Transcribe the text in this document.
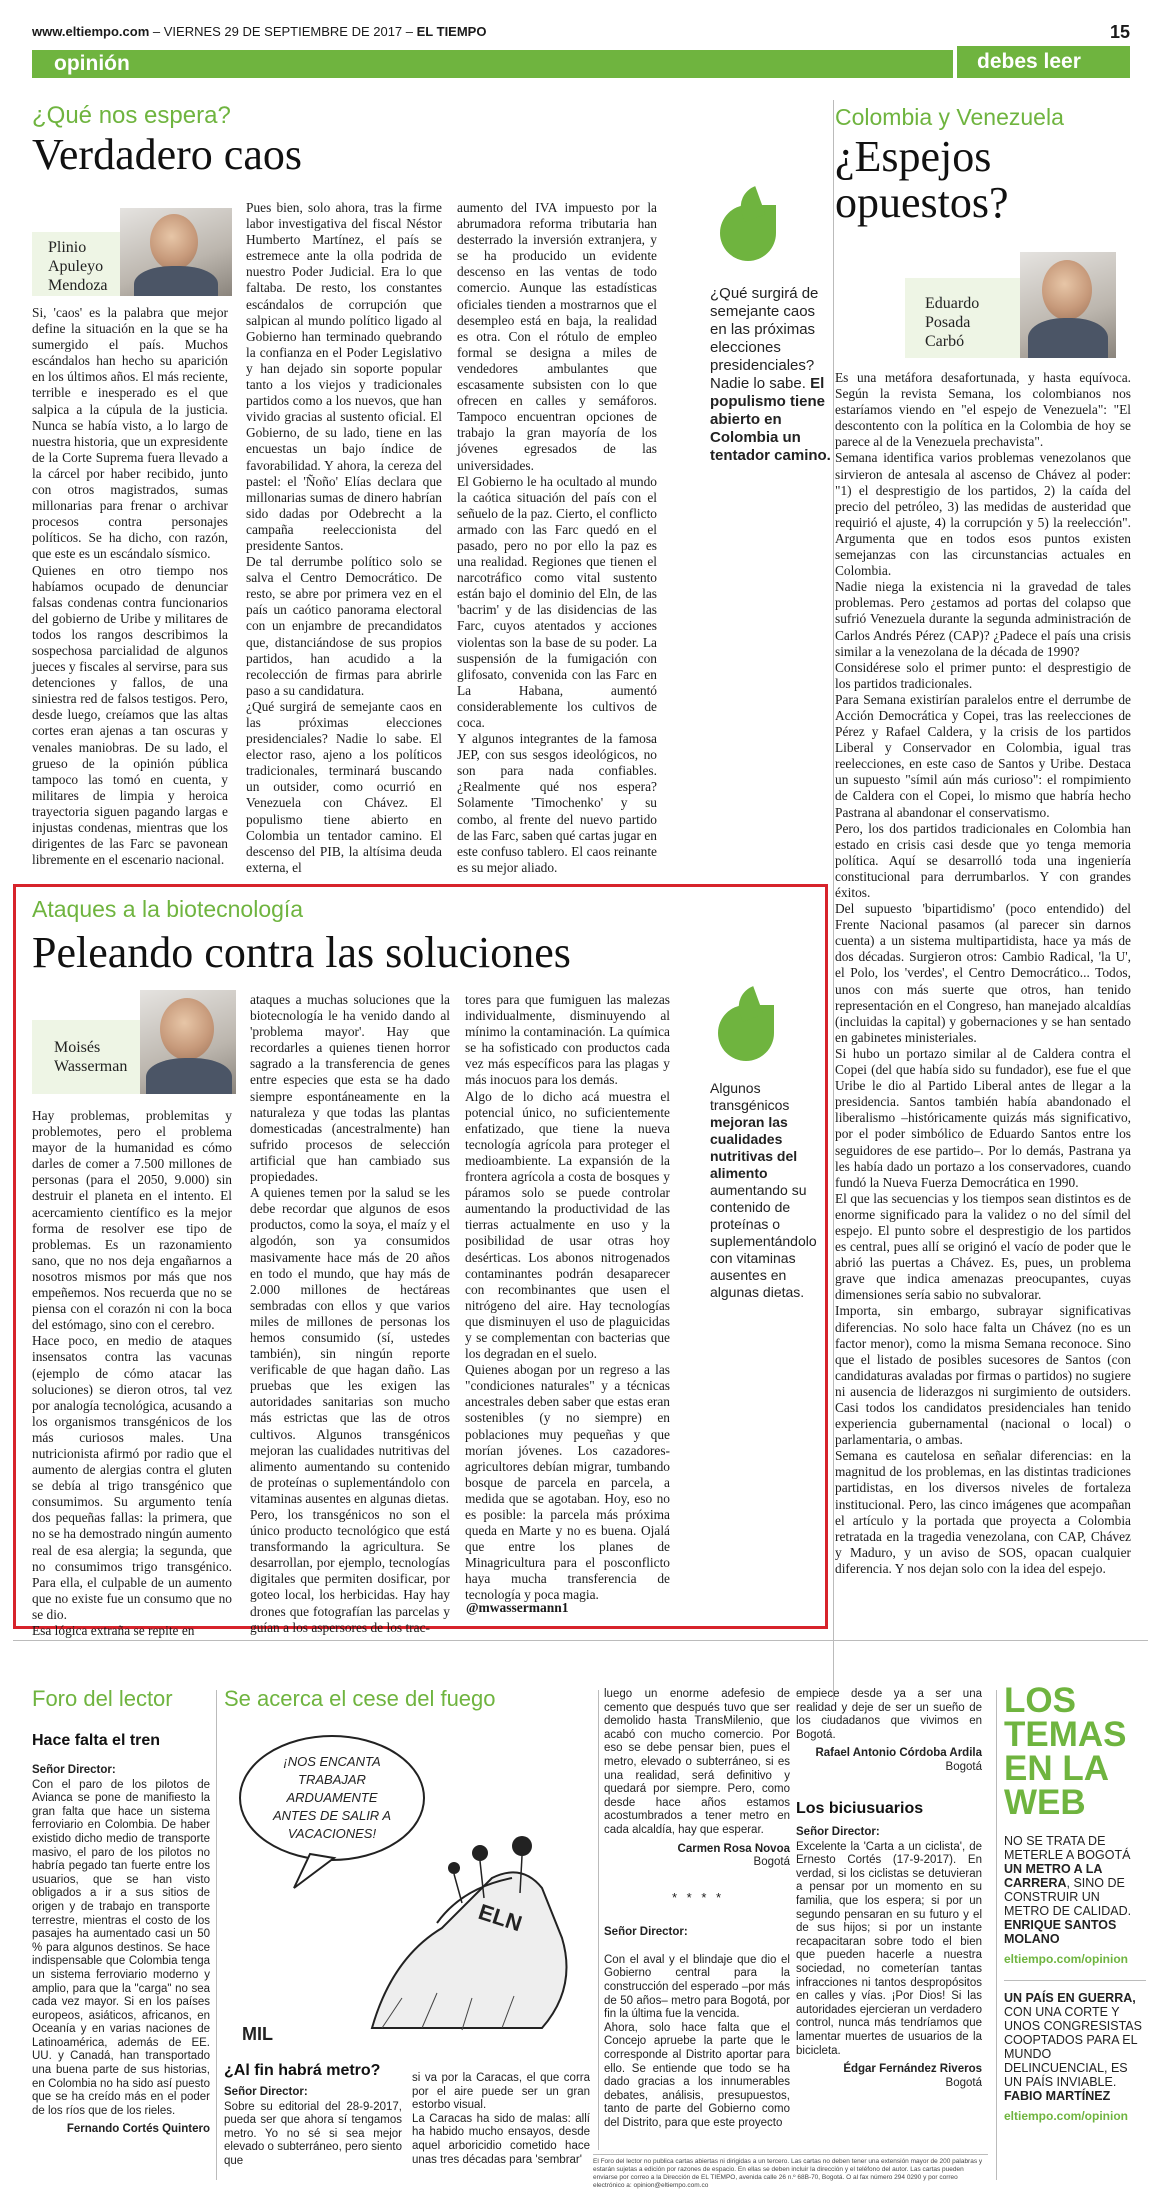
www.eltiempo.com – VIERNES 29 DE SEPTIEMBRE DE 2017 – EL TIEMPO	15
opinión	debes leer
¿Qué nos espera?
Verdadero caos
Plinio
Apuleyo
Mendoza
Si, 'caos' es la palabra que mejor define la situación en la que se ha sumergido el país. Muchos escándalos han hecho su aparición en los últimos años. El más reciente, terrible e inesperado es el que salpica a la cúpula de la justicia. Nunca se había visto, a lo largo de nuestra historia, que un expresidente de la Corte Suprema fuera llevado a la cárcel por haber recibido, junto con otros magistrados, sumas millonarias para frenar o archivar procesos contra personajes políticos. Se ha dicho, con razón, que este es un escándalo sísmico.
Quienes en otro tiempo nos habíamos ocupado de denunciar falsas condenas contra funcionarios del gobierno de Uribe y militares de todos los rangos describimos la sospechosa parcialidad de algunos jueces y fiscales al servirse, para sus detenciones y fallos, de una siniestra red de falsos testigos. Pero, desde luego, creíamos que las altas cortes eran ajenas a tan oscuras y venales maniobras. De su lado, el grueso de la opinión pública tampoco las tomó en cuenta, y militares de limpia y heroica trayectoria siguen pagando largas e injustas condenas, mientras que los dirigentes de las Farc se pavonean libremente en el escenario nacional.
Pues bien, solo ahora, tras la firme labor investigativa del fiscal Néstor Humberto Martínez, el país se estremece ante la olla podrida de nuestro Poder Judicial. Era lo que faltaba. De resto, los constantes escándalos de corrupción que salpican al mundo político ligado al Gobierno han terminado quebrando la confianza en el Poder Legislativo y han dejado sin soporte popular tanto a los viejos y tradicionales partidos como a los nuevos, que han vivido gracias al sustento oficial. El Gobierno, de su lado, tiene en las encuestas un bajo índice de favorabilidad. Y ahora, la cereza del pastel: el 'Ñoño' Elías declara que millonarias sumas de dinero habrían sido dadas por Odebrecht a la campaña reeleccionista del presidente Santos.
De tal derrumbe político solo se salva el Centro Democrático. De resto, se abre por primera vez en el país un caótico panorama electoral con un enjambre de precandidatos que, distanciándose de sus propios partidos, han acudido a la recolección de firmas para abrirle paso a su candidatura.
¿Qué surgirá de semejante caos en las próximas elecciones presidenciales? Nadie lo sabe. El elector raso, ajeno a los políticos tradicionales, terminará buscando un outsider, como ocurrió en Venezuela con Chávez. El populismo tiene abierto en Colombia un tentador camino. El descenso del PIB, la altísima deuda externa, el
aumento del IVA impuesto por la abrumadora reforma tributaria han desterrado la inversión extranjera, y se ha producido un evidente descenso en las ventas de todo comercio. Aunque las estadísticas oficiales tienden a mostrarnos que el desempleo está en baja, la realidad es otra. Con el rótulo de empleo formal se designa a miles de vendedores ambulantes que escasamente subsisten con lo que ofrecen en calles y semáforos. Tampoco encuentran opciones de trabajo la gran mayoría de los jóvenes egresados de las universidades.
El Gobierno le ha ocultado al mundo la caótica situación del país con el señuelo de la paz. Cierto, el conflicto armado con las Farc quedó en el pasado, pero no por ello la paz es una realidad. Regiones que tienen el narcotráfico como vital sustento están bajo el dominio del Eln, de las 'bacrim' y de las disidencias de las Farc, cuyos atentados y acciones violentas son la base de su poder. La suspensión de la fumigación con glifosato, convenida con las Farc en La Habana, aumentó considerablemente los cultivos de coca.
Y algunos integrantes de la famosa JEP, con sus sesgos ideológicos, no son para nada confiables. ¿Realmente qué nos espera? Solamente 'Timochenko' y su combo, al frente del nuevo partido de las Farc, saben qué cartas jugar en este confuso tablero. El caos reinante es su mejor aliado.
¿Qué surgirá de semejante caos en las próximas elecciones presidenciales? Nadie lo sabe. El populismo tiene abierto en Colombia un tentador camino.
Colombia y Venezuela
¿Espejos
opuestos?
Eduardo
Posada
Carbó
Es una metáfora desafortunada, y hasta equívoca. Según la revista Semana, los colombianos nos estaríamos viendo en "el espejo de Venezuela": "El descontento con la política en la Colombia de hoy se parece al de la Venezuela prechavista".
Semana identifica varios problemas venezolanos que sirvieron de antesala al ascenso de Chávez al poder: "1) el desprestigio de los partidos, 2) la caída del precio del petróleo, 3) las medidas de austeridad que requirió el ajuste, 4) la corrupción y 5) la reelección". Argumenta que en todos esos puntos existen semejanzas con las circunstancias actuales en Colombia.
Nadie niega la existencia ni la gravedad de tales problemas. Pero ¿estamos ad portas del colapso que sufrió Venezuela durante la segunda administración de Carlos Andrés Pérez (CAP)? ¿Padece el país una crisis similar a la venezolana de la década de 1990?
Considérese solo el primer punto: el desprestigio de los partidos tradicionales.
Para Semana existirían paralelos entre el derrumbe de Acción Democrática y Copei, tras las reelecciones de Pérez y Rafael Caldera, y la crisis de los partidos Liberal y Conservador en Colombia, igual tras reelecciones, en este caso de Santos y Uribe. Destaca un supuesto "símil aún más curioso": el rompimiento de Caldera con el Copei, lo mismo que habría hecho Pastrana al abandonar el conservatismo.
Pero, los dos partidos tradicionales en Colombia han estado en crisis casi desde que yo tenga memoria política. Aquí se desarrolló toda una ingeniería constitucional para derrumbarlos. Y con grandes éxitos.
Del supuesto 'bipartidismo' (poco entendido) del Frente Nacional pasamos (al parecer sin darnos cuenta) a un sistema multipartidista, hace ya más de dos décadas. Surgieron otros: Cambio Radical, 'la U', el Polo, los 'verdes', el Centro Democrático... Todos, unos con más suerte que otros, han tenido representación en el Congreso, han manejado alcaldías (incluidas la capital) y gobernaciones y se han sentado en gabinetes ministeriales.
Si hubo un portazo similar al de Caldera contra el Copei (del que había sido su fundador), ese fue el que Uribe le dio al Partido Liberal antes de llegar a la presidencia. Santos también había abandonado el liberalismo –históricamente quizás más significativo, por el poder simbólico de Eduardo Santos entre los seguidores de ese partido–. Por lo demás, Pastrana ya les había dado un portazo a los conservadores, cuando fundó la Nueva Fuerza Democrática en 1990.
El que las secuencias y los tiempos sean distintos es de enorme significado para la validez o no del símil del espejo. El punto sobre el desprestigio de los partidos es central, pues allí se originó el vacío de poder que le abrió las puertas a Chávez. Es, pues, un problema grave que indica amenazas preocupantes, cuyas dimensiones sería sabio no subvalorar.
Importa, sin embargo, subrayar significativas diferencias. No solo hace falta un Chávez (no es un factor menor), como la misma Semana reconoce. Sino que el listado de posibles sucesores de Santos (con candidaturas avaladas por firmas o partidos) no sugiere ni ausencia de liderazgos ni surgimiento de outsiders. Casi todos los candidatos presidenciales han tenido experiencia gubernamental (nacional o local) o parlamentaria, o ambas.
Semana es cautelosa en señalar diferencias: en la magnitud de los problemas, en las distintas tradiciones partidistas, en los diversos niveles de fortaleza institucional. Pero, las cinco imágenes que acompañan el artículo y la portada que proyecta a Colombia retratada en la tragedia venezolana, con CAP, Chávez y Maduro, y un aviso de SOS, opacan cualquier diferencia. Y nos dejan solo con la idea del espejo.
Ataques a la biotecnología
Peleando contra las soluciones
Moisés
Wasserman
Hay problemas, problemitas y problemotes, pero el problema mayor de la humanidad es cómo darles de comer a 7.500 millones de personas (para el 2050, 9.000) sin destruir el planeta en el intento. El acercamiento científico es la mejor forma de resolver ese tipo de problemas. Es un razonamiento sano, que no nos deja engañarnos a nosotros mismos por más que nos empeñemos. Nos recuerda que no se piensa con el corazón ni con la boca del estómago, sino con el cerebro.
Hace poco, en medio de ataques insensatos contra las vacunas (ejemplo de cómo atacar las soluciones) se dieron otros, tal vez por analogía tecnológica, acusando a los organismos transgénicos de los más curiosos males. Una nutricionista afirmó por radio que el aumento de alergias contra el gluten se debía al trigo transgénico que consumimos. Su argumento tenía dos pequeñas fallas: la primera, que no se ha demostrado ningún aumento real de esa alergia; la segunda, que no consumimos trigo transgénico. Para ella, el culpable de un aumento que no existe fue un consumo que no se dio.
Esa lógica extraña se repite en
ataques a muchas soluciones que la biotecnología le ha venido dando al 'problema mayor'. Hay que recordarles a quienes tienen horror sagrado a la transferencia de genes entre especies que esta se ha dado siempre espontáneamente en la naturaleza y que todas las plantas domesticadas (ancestralmente) han sufrido procesos de selección artificial que han cambiado sus propiedades.
A quienes temen por la salud se les debe recordar que algunos de esos productos, como la soya, el maíz y el algodón, son ya consumidos masivamente hace más de 20 años en todo el mundo, que hay más de 2.000 millones de hectáreas sembradas con ellos y que varios miles de millones de personas los hemos consumido (sí, ustedes también), sin ningún reporte verificable de que hagan daño. Las pruebas que les exigen las autoridades sanitarias son mucho más estrictas que las de otros cultivos. Algunos transgénicos mejoran las cualidades nutritivas del alimento aumentando su contenido de proteínas o suplementándolo con vitaminas ausentes en algunas dietas.
Pero, los transgénicos no son el único producto tecnológico que está transformando la agricultura. Se desarrollan, por ejemplo, tecnologías digitales que permiten dosificar, por goteo local, los herbicidas. Hay hay drones que fotografían las parcelas y guían a los aspersores de los trac-
tores para que fumiguen las malezas individualmente, disminuyendo al mínimo la contaminación. La química se ha sofisticado con productos cada vez más específicos para las plagas y más inocuos para los demás.
Algo de lo dicho acá muestra el potencial único, no suficientemente enfatizado, que tiene la nueva tecnología agrícola para proteger el medioambiente. La expansión de la frontera agrícola a costa de bosques y páramos solo se puede controlar aumentando la productividad de las tierras actualmente en uso y la posibilidad de usar otras hoy desérticas. Los abonos nitrogenados contaminantes podrán desaparecer con recombinantes que usen el nitrógeno del aire. Hay tecnologías que disminuyen el uso de plaguicidas y se complementan con bacterias que los degradan en el suelo.
Quienes abogan por un regreso a las "condiciones naturales" y a técnicas ancestrales deben saber que estas eran sostenibles (y no siempre) en poblaciones muy pequeñas y que morían jóvenes. Los cazadores-agricultores debían migrar, tumbando bosque de parcela en parcela, a medida que se agotaban. Hoy, eso no es posible: la parcela más próxima queda en Marte y no es buena. Ojalá que entre los planes de Minagricultura para el posconflicto haya mucha transferencia de tecnología y poca magia.
@mwassermann1
Algunos transgénicos mejoran las cualidades nutritivas del alimento aumentando su contenido de proteínas o suplementándolo con vitaminas ausentes en algunas dietas.
Foro del lector
Hace falta el tren
Señor Director:
Con el paro de los pilotos de Avianca se pone de manifiesto la gran falta que hace un sistema ferroviario en Colombia. De haber existido dicho medio de transporte masivo, el paro de los pilotos no habría pegado tan fuerte entre los usuarios, que se han visto obligados a ir a sus sitios de origen y de trabajo en transporte terrestre, mientras el costo de los pasajes ha aumentado casi un 50 % para algunos destinos. Se hace indispensable que Colombia tenga un sistema ferroviario moderno y amplio, para que la "carga" no sea cada vez mayor. Si en los países europeos, asiáticos, africanos, en Oceanía y en varias naciones de Latinoamérica, además de EE. UU. y Canadá, han transportado una buena parte de sus historias, en Colombia no ha sido así puesto que se ha creído más en el poder de los ríos que de los rieles.
Fernando Cortés Quintero
Se acerca el cese del fuego
¡NOS ENCANTA
TRABAJAR
ARDUAMENTE
ANTES DE SALIR A
VACACIONES!
ELN
MIL
¿Al fin habrá metro?
Señor Director:
Sobre su editorial del 28-9-2017, pueda ser que ahora sí tengamos metro. Yo no sé si sea mejor elevado o subterráneo, pero siento que
si va por la Caracas, el que corra por el aire puede ser un gran estorbo visual.
La Caracas ha sido de malas: allí ha habido mucho ensayos, desde aquel arboricidio cometido hace unas tres décadas para 'sembrar'
luego un enorme adefesio de cemento que después tuvo que ser demolido hasta TransMilenio, que acabó con mucho comercio. Por eso se debe pensar bien, pues el metro, elevado o subterráneo, si es una realidad, será definitivo y quedará por siempre. Pero, como desde hace años estamos acostumbrados a tener metro en cada alcaldía, hay que esperar.
Carmen Rosa Novoa
Bogotá
* * * *

Señor Director:

Con el aval y el blindaje que dio el Gobierno central para la construcción del esperado –por más de 50 años– metro para Bogotá, por fin la última fue la vencida.
Ahora, solo hace falta que el Concejo apruebe la parte que le corresponde al Distrito aportar para ello. Se entiende que todo se ha dado gracias a los innumerables debates, análisis, presupuestos, tanto de parte del Gobierno como del Distrito, para que este proyecto

empiece desde ya a ser una realidad y deje de ser un sueño de los ciudadanos que vivimos en Bogotá.
Rafael Antonio Córdoba Ardila
Bogotá
Los biciusuarios
Señor Director:
Excelente la 'Carta a un ciclista', de Ernesto Cortés (17-9-2017). En verdad, si los ciclistas se detuvieran a pensar por un momento en su familia, que los espera; si por un segundo pensaran en su futuro y el de sus hijos; si por un instante recapacitaran sobre todo el bien que pueden hacerle a nuestra sociedad, no cometerían tantas infracciones ni tantos despropósitos en calles y vías. ¡Por Dios! Si las autoridades ejercieran un verdadero control, nunca más tendríamos que lamentar muertes de usuarios de la bicicleta.
Édgar Fernández Riveros
Bogotá
El Foro del lector no publica cartas abiertas ni dirigidas a un tercero. Las cartas no deben tener una extensión mayor de 200 palabras y estarán sujetas a edición por razones de espacio. En ellas se deben incluir la dirección y el teléfono del autor. Las cartas pueden enviarse por correo a la Dirección de EL TIEMPO, avenida calle 26 n.º 68B-70, Bogotá. O al fax número 294 0290 y por correo electrónico a: opinion@eltiempo.com.co
LOS
TEMAS
EN LA
WEB
NO SE TRATA DE METERLE A BOGOTÁ UN METRO A LA CARRERA, SINO DE CONSTRUIR UN METRO DE CALIDAD.
ENRIQUE SANTOS MOLANO
eltiempo.com/opinion
UN PAÍS EN GUERRA, CON UNA CORTE Y UNOS CONGRESISTAS COOPTADOS PARA EL MUNDO DELINCUENCIAL, ES UN PAÍS INVIABLE.
FABIO MARTÍNEZ
eltiempo.com/opinion
